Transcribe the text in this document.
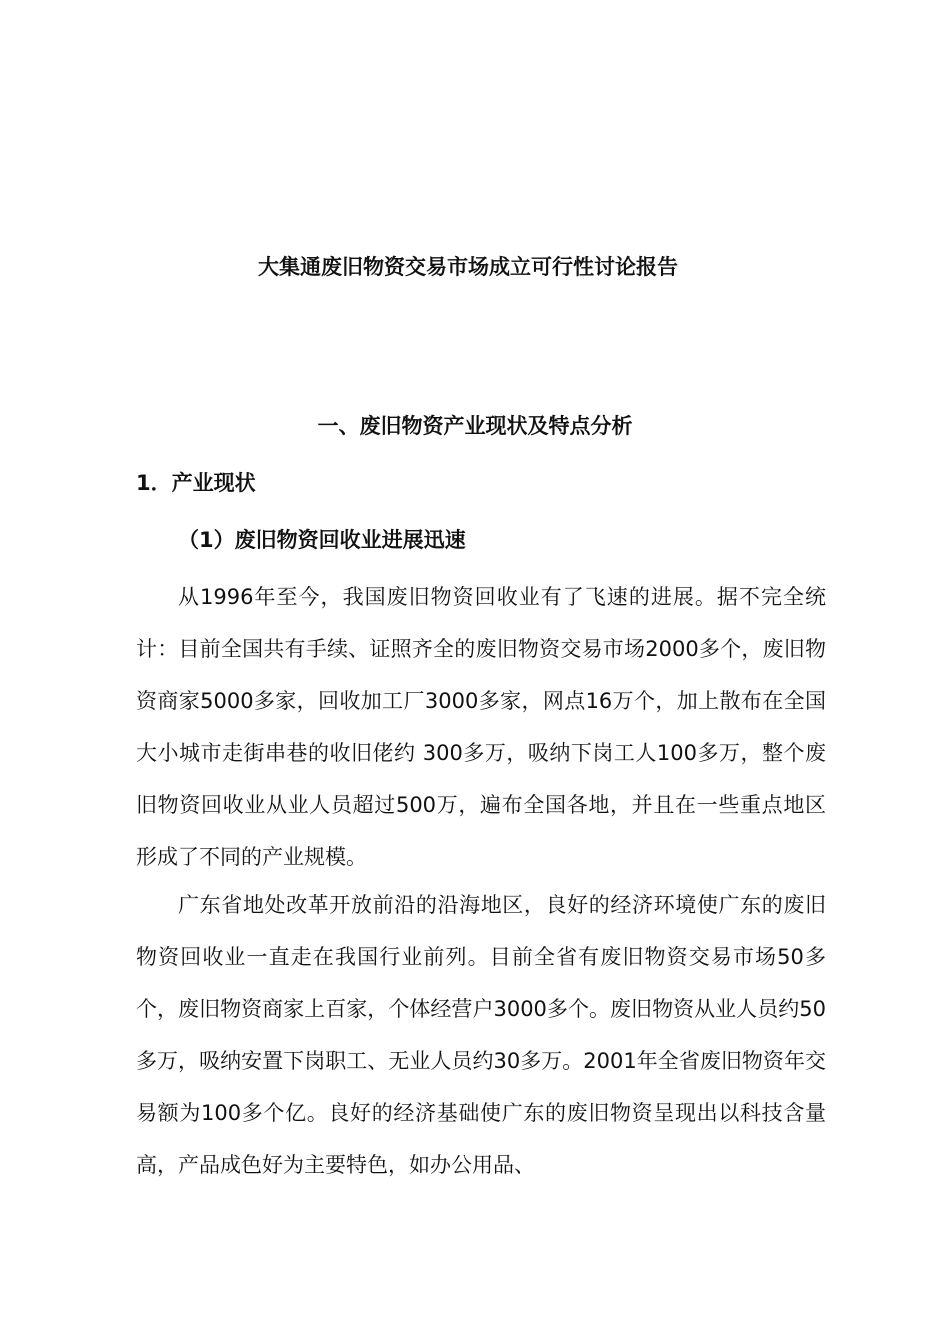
大集通废旧物资交易市场成立可行性讨论报告
一、废旧物资产业现状及特点分析
1．产业现状
（1）废旧物资回收业进展迅速

从1996年至今，我国废旧物资回收业有了飞速的进展。据不完全统计：目前全国共有手续、证照齐全的废旧物资交易市场2000多个，废旧物资商家5000多家，回收加工厂3000多家，网点16万个，加上散布在全国大小城市走街串巷的收旧佬约 300多万，吸纳下岗工人100多万，整个废旧物资回收业从业人员超过500万，遍布全国各地，并且在一些重点地区形成了不同的产业规模。

广东省地处改革开放前沿的沿海地区，良好的经济环境使广东的废旧物资回收业一直走在我国行业前列。目前全省有废旧物资交易市场50多个，废旧物资商家上百家，个体经营户3000多个。废旧物资从业人员约50多万，吸纳安置下岗职工、无业人员约30多万。2001年全省废旧物资年交易额为100多个亿。良好的经济基础使广东的废旧物资呈现出以科技含量高，产品成色好为主要特色，如办公用品、
